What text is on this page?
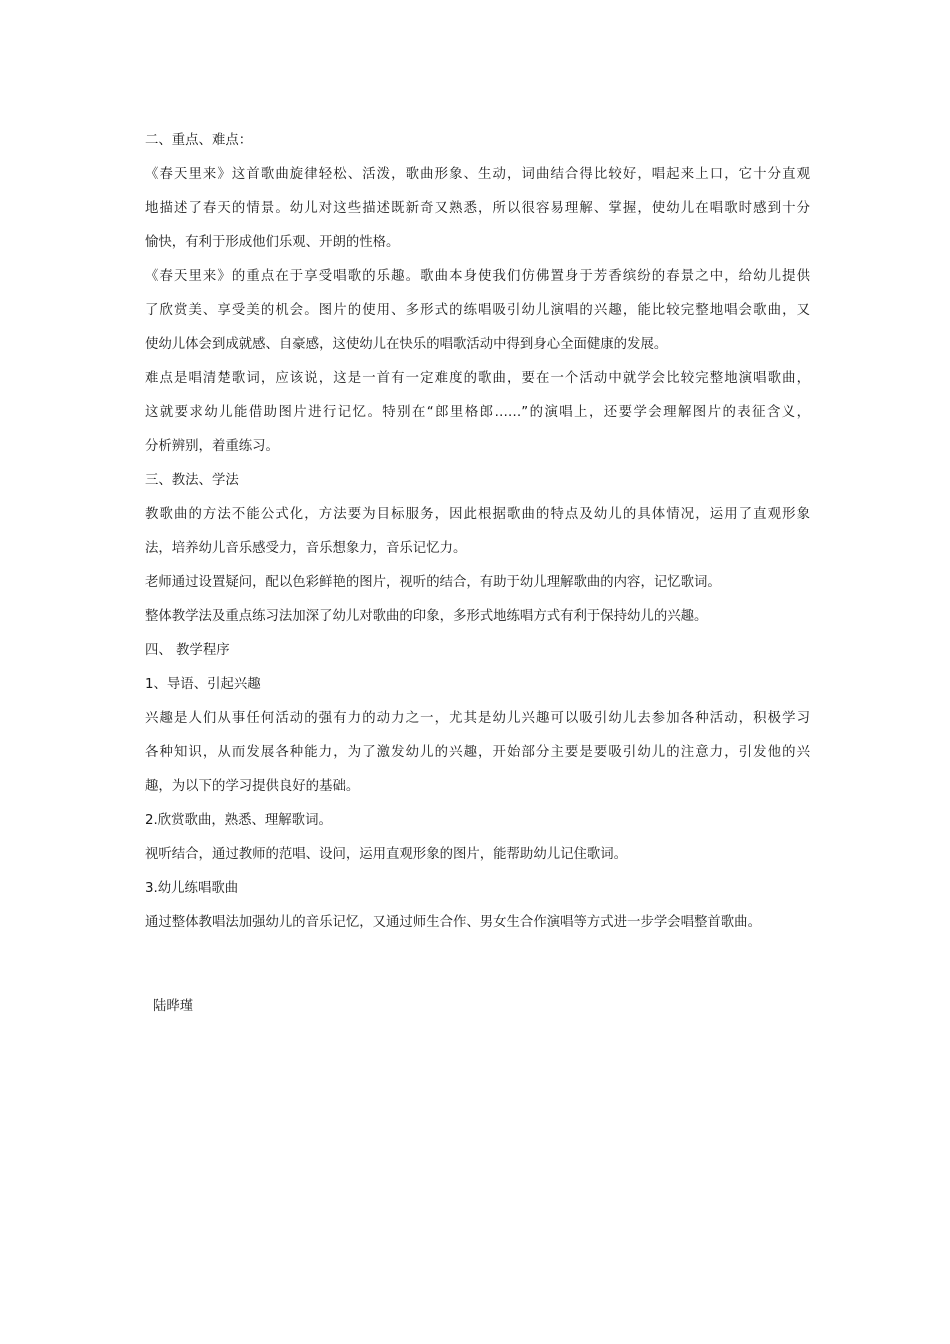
二、重点、难点：
《春天里来》这首歌曲旋律轻松、活泼，歌曲形象、生动，词曲结合得比较好，唱起来上口，它十分直观
地描述了春天的情景。幼儿对这些描述既新奇又熟悉，所以很容易理解、掌握，使幼儿在唱歌时感到十分
愉快，有利于形成他们乐观、开朗的性格。
《春天里来》的重点在于享受唱歌的乐趣。歌曲本身使我们仿佛置身于芳香缤纷的春景之中，给幼儿提供
了欣赏美、享受美的机会。图片的使用、多形式的练唱吸引幼儿演唱的兴趣，能比较完整地唱会歌曲，又
使幼儿体会到成就感、自豪感，这使幼儿在快乐的唱歌活动中得到身心全面健康的发展。
难点是唱清楚歌词，应该说，这是一首有一定难度的歌曲，要在一个活动中就学会比较完整地演唱歌曲，
这就要求幼儿能借助图片进行记忆。特别在“郎里格郎……”的演唱上，还要学会理解图片的表征含义，
分析辨别，着重练习。
三、教法、学法
教歌曲的方法不能公式化，方法要为目标服务，因此根据歌曲的特点及幼儿的具体情况，运用了直观形象
法，培养幼儿音乐感受力，音乐想象力，音乐记忆力。
老师通过设置疑问，配以色彩鲜艳的图片，视听的结合，有助于幼儿理解歌曲的内容，记忆歌词。
整体教学法及重点练习法加深了幼儿对歌曲的印象，多形式地练唱方式有利于保持幼儿的兴趣。
四、 教学程序
1、导语、引起兴趣
兴趣是人们从事任何活动的强有力的动力之一，尤其是幼儿兴趣可以吸引幼儿去参加各种活动，积极学习
各种知识，从而发展各种能力，为了激发幼儿的兴趣，开始部分主要是要吸引幼儿的注意力，引发他的兴
趣，为以下的学习提供良好的基础。
2.欣赏歌曲，熟悉、理解歌词。
视听结合，通过教师的范唱、设问，运用直观形象的图片，能帮助幼儿记住歌词。
3.幼儿练唱歌曲
通过整体教唱法加强幼儿的音乐记忆，又通过师生合作、男女生合作演唱等方式进一步学会唱整首歌曲。
陆晔瑾
